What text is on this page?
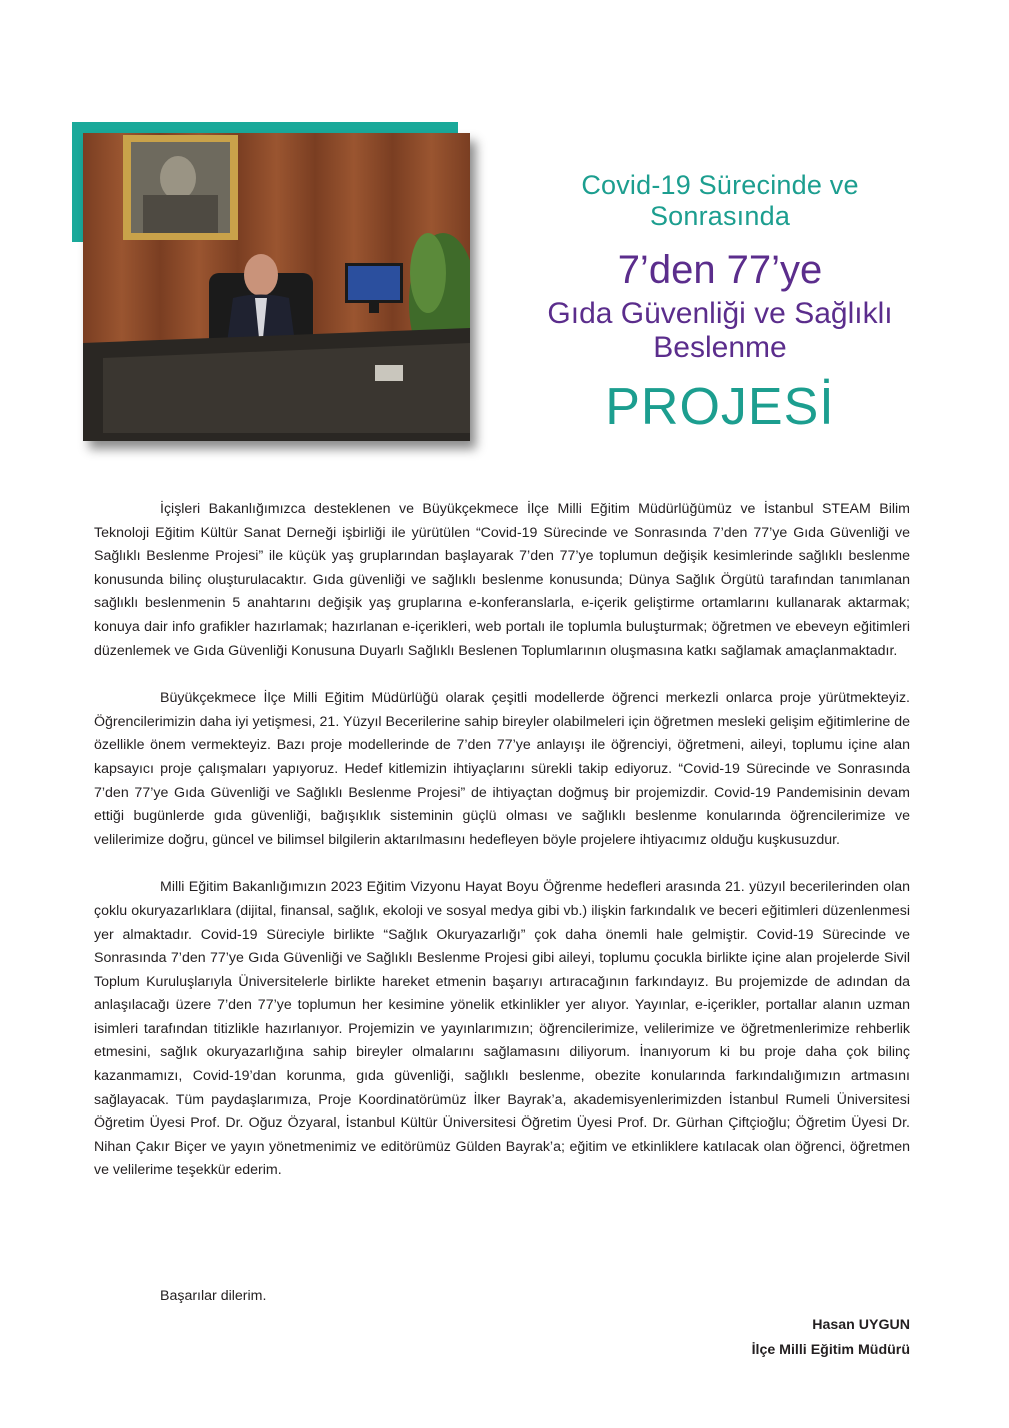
Covid-19 Sürecinde ve Sonrasında
7’den 77’ye
Gıda Güvenliği ve Sağlıklı Beslenme
PROJESİ

İçişleri Bakanlığımızca desteklenen ve Büyükçekmece İlçe Milli Eğitim Müdürlüğümüz ve İstanbul STEAM Bilim Teknoloji Eğitim Kültür Sanat Derneği işbirliği ile yürütülen “Covid-19 Sürecinde ve Sonrasında 7’den 77’ye Gıda Güvenliği ve Sağlıklı Beslenme Projesi” ile küçük yaş gruplarından başlayarak 7’den 77’ye toplumun değişik kesimlerinde sağlıklı beslenme konusunda bilinç oluşturulacaktır. Gıda güvenliği ve sağlıklı beslenme konusunda; Dünya Sağlık Örgütü tarafından tanımlanan sağlıklı beslenmenin 5 anahtarını değişik yaş gruplarına e-konferanslarla, e-içerik geliştirme ortamlarını kullanarak aktarmak; konuya dair info grafikler hazırlamak; hazırlanan e-içerikleri, web portalı ile toplumla buluşturmak; öğretmen ve ebeveyn eğitimleri düzenlemek ve Gıda Güvenliği Konusuna Duyarlı Sağlıklı Beslenen Toplumlarının oluşmasına katkı sağlamak amaçlanmaktadır.

Büyükçekmece İlçe Milli Eğitim Müdürlüğü olarak çeşitli modellerde öğrenci merkezli onlarca proje yürütmekteyiz. Öğrencilerimizin daha iyi yetişmesi, 21. Yüzyıl Becerilerine sahip bireyler olabilmeleri için öğretmen mesleki gelişim eğitimlerine de özellikle önem vermekteyiz. Bazı proje modellerinde de 7’den 77’ye anlayışı ile öğrenciyi, öğretmeni, aileyi, toplumu içine alan kapsayıcı proje çalışmaları yapıyoruz. Hedef kitlemizin ihtiyaçlarını sürekli takip ediyoruz. “Covid-19 Sürecinde ve Sonrasında 7’den 77’ye Gıda Güvenliği ve Sağlıklı Beslenme Projesi” de ihtiyaçtan doğmuş bir projemizdir. Covid-19 Pandemisinin devam ettiği bugünlerde gıda güvenliği, bağışıklık sisteminin güçlü olması ve sağlıklı beslenme konularında öğrencilerimize ve velilerimize doğru, güncel ve bilimsel bilgilerin aktarılmasını hedefleyen böyle projelere ihtiyacımız olduğu kuşkusuzdur.

Milli Eğitim Bakanlığımızın 2023 Eğitim Vizyonu Hayat Boyu Öğrenme hedefleri arasında 21. yüzyıl becerilerinden olan çoklu okuryazarlıklara (dijital, finansal, sağlık, ekoloji ve sosyal medya gibi vb.) ilişkin farkındalık ve beceri eğitimleri düzenlenmesi yer almaktadır. Covid-19 Süreciyle birlikte “Sağlık Okuryazarlığı” çok daha önemli hale gelmiştir. Covid-19 Sürecinde ve Sonrasında 7’den 77’ye Gıda Güvenliği ve Sağlıklı Beslenme Projesi gibi aileyi, toplumu çocukla birlikte içine alan projelerde Sivil Toplum Kuruluşlarıyla Üniversitelerle birlikte hareket etmenin başarıyı artıracağının farkındayız. Bu projemizde de adından da anlaşılacağı üzere 7’den 77’ye toplumun her kesimine yönelik etkinlikler yer alıyor. Yayınlar, e-içerikler, portallar alanın uzman isimleri tarafından titizlikle hazırlanıyor. Projemizin ve yayınlarımızın; öğrencilerimize, velilerimize ve öğretmenlerimize rehberlik etmesini, sağlık okuryazarlığına sahip bireyler olmalarını sağlamasını diliyorum. İnanıyorum ki bu proje daha çok bilinç kazanmamızı, Covid-19’dan korunma, gıda güvenliği, sağlıklı beslenme, obezite konularında farkındalığımızın artmasını sağlayacak. Tüm paydaşlarımıza, Proje Koordinatörümüz İlker Bayrak’a, akademisyenlerimizden İstanbul Rumeli Üniversitesi Öğretim Üyesi Prof. Dr. Oğuz Özyaral, İstanbul Kültür Üniversitesi Öğretim Üyesi Prof. Dr. Gürhan Çiftçioğlu; Öğretim Üyesi Dr. Nihan Çakır Biçer ve yayın yönetmenimiz ve editörümüz Gülden Bayrak’a; eğitim ve etkinliklere katılacak olan öğrenci, öğretmen ve velilerime teşekkür ederim.

Başarılar dilerim.
Hasan UYGUN
İlçe Milli Eğitim Müdürü
